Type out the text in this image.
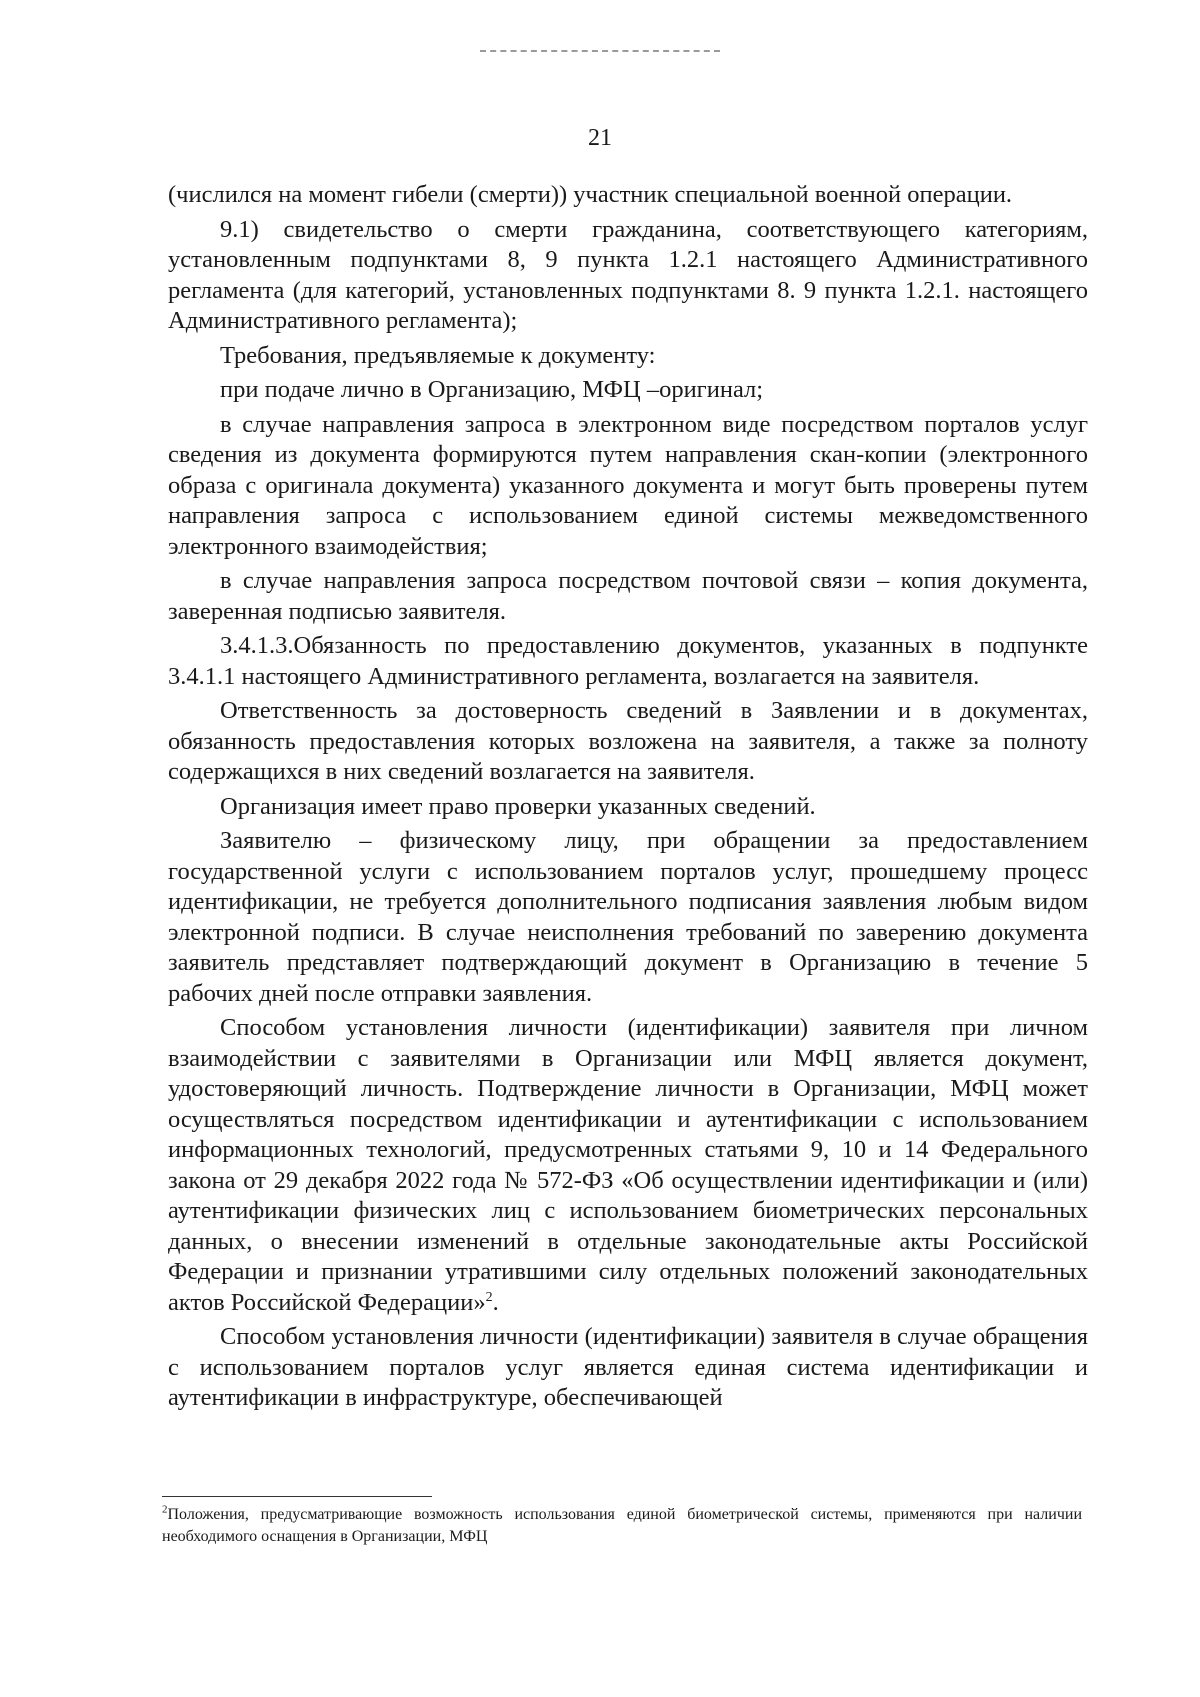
21

(числился на момент гибели (смерти)) участник специальной военной операции.

9.1) свидетельство о смерти гражданина, соответствующего категориям, установленным подпунктами 8, 9 пункта 1.2.1 настоящего Административного регламента (для категорий, установленных подпунктами 8. 9 пункта 1.2.1. настоящего Административного регламента);

Требования, предъявляемые к документу:

при подаче лично в Организацию, МФЦ –оригинал;

в случае направления запроса в электронном виде посредством порталов услуг сведения из документа формируются путем направления скан-копии (электронного образа с оригинала документа) указанного документа и могут быть проверены путем направления запроса с использованием единой системы межведомственного электронного взаимодействия;

в случае направления запроса посредством почтовой связи – копия документа, заверенная подписью заявителя.

3.4.1.3.Обязанность по предоставлению документов, указанных в подпункте 3.4.1.1 настоящего Административного регламента, возлагается на заявителя.

Ответственность за достоверность сведений в Заявлении и в документах, обязанность предоставления которых возложена на заявителя, а также за полноту содержащихся в них сведений возлагается на заявителя.

Организация имеет право проверки указанных сведений.

Заявителю – физическому лицу, при обращении за предоставлением государственной услуги с использованием порталов услуг, прошедшему процесс идентификации, не требуется дополнительного подписания заявления любым видом электронной подписи. В случае неисполнения требований по заверению документа заявитель представляет подтверждающий документ в Организацию в течение 5 рабочих дней после отправки заявления.

Способом установления личности (идентификации) заявителя при личном взаимодействии с заявителями в Организации или МФЦ является документ, удостоверяющий личность. Подтверждение личности в Организации, МФЦ может осуществляться посредством идентификации и аутентификации с использованием информационных технологий, предусмотренных статьями 9, 10 и 14 Федерального закона от 29 декабря 2022 года № 572-ФЗ «Об осуществлении идентификации и (или) аутентификации физических лиц с использованием биометрических персональных данных, о внесении изменений в отдельные законодательные акты Российской Федерации и признании утратившими силу отдельных положений законодательных актов Российской Федерации»$^2$.

Способом установления личности (идентификации) заявителя в случае обращения с использованием порталов услуг является единая система идентификации и аутентификации в инфраструктуре, обеспечивающей

$^2$Положения, предусматривающие возможность использования единой биометрической системы, применяются при наличии необходимого оснащения в Организации, МФЦ
